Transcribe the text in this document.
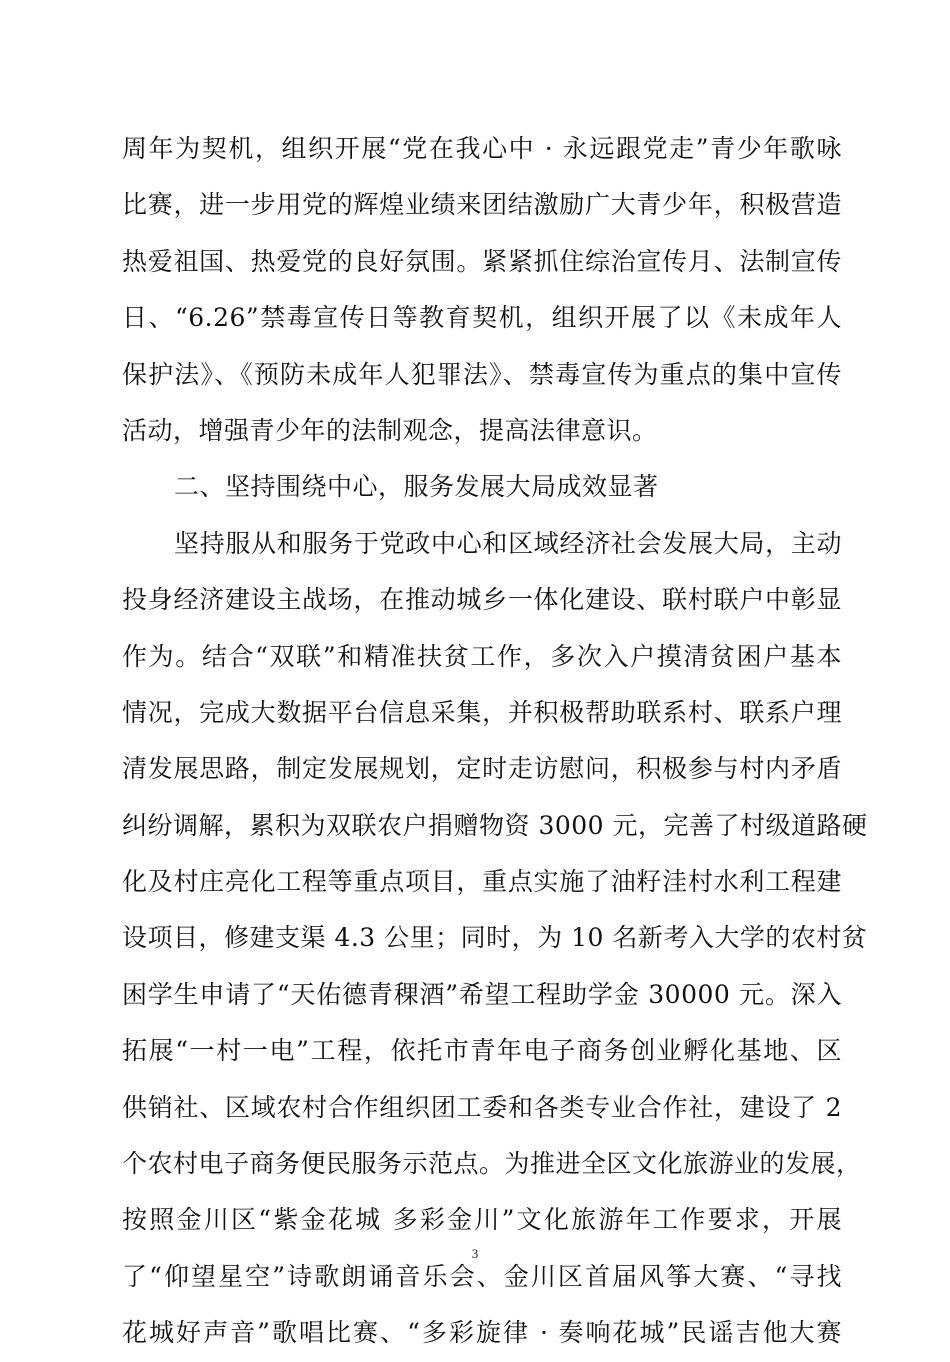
周年为契机，组织开展“党在我心中 · 永远跟党走”青少年歌咏
比赛，进一步用党的辉煌业绩来团结激励广大青少年，积极营造
热爱祖国、热爱党的良好氛围。紧紧抓住综治宣传月、法制宣传
日、“6.26”禁毒宣传日等教育契机，组织开展了以《未成年人
保护法》、《预防未成年人犯罪法》、禁毒宣传为重点的集中宣传
活动，增强青少年的法制观念，提高法律意识。
二、坚持围绕中心，服务发展大局成效显著
坚持服从和服务于党政中心和区域经济社会发展大局，主动
投身经济建设主战场，在推动城乡一体化建设、联村联户中彰显
作为。结合“双联”和精准扶贫工作，多次入户摸清贫困户基本
情况，完成大数据平台信息采集，并积极帮助联系村、联系户理
清发展思路，制定发展规划，定时走访慰问，积极参与村内矛盾
纠纷调解，累积为双联农户捐赠物资 3000 元，完善了村级道路硬
化及村庄亮化工程等重点项目，重点实施了油籽洼村水利工程建
设项目，修建支渠 4.3 公里；同时，为 10 名新考入大学的农村贫
困学生申请了“天佑德青稞酒”希望工程助学金 30000 元。深入
拓展“一村一电”工程，依托市青年电子商务创业孵化基地、区
供销社、区域农村合作组织团工委和各类专业合作社，建设了 2
个农村电子商务便民服务示范点。为推进全区文化旅游业的发展，
按照金川区“紫金花城 多彩金川”文化旅游年工作要求，开展
了“仰望星空”诗歌朗诵音乐会、金川区首届风筝大赛、“寻找
花城好声音”歌唱比赛、“多彩旋律 · 奏响花城”民谣吉他大赛
3
